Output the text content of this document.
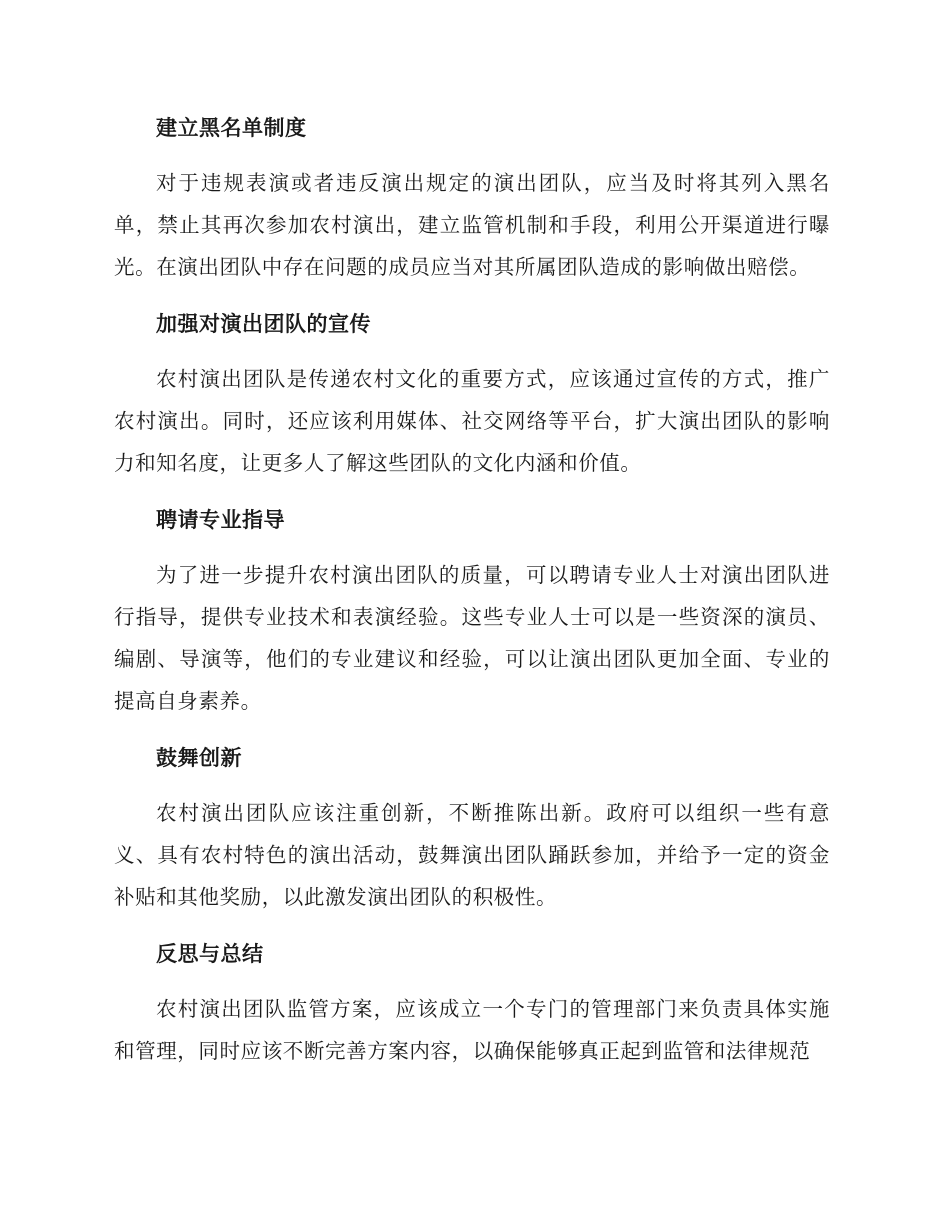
建立黑名单制度

对于违规表演或者违反演出规定的演出团队，应当及时将其列入黑名单，禁止其再次参加农村演出，建立监管机制和手段，利用公开渠道进行曝光。在演出团队中存在问题的成员应当对其所属团队造成的影响做出赔偿。

加强对演出团队的宣传

农村演出团队是传递农村文化的重要方式，应该通过宣传的方式，推广农村演出。同时，还应该利用媒体、社交网络等平台，扩大演出团队的影响力和知名度，让更多人了解这些团队的文化内涵和价值。

聘请专业指导

为了进一步提升农村演出团队的质量，可以聘请专业人士对演出团队进行指导，提供专业技术和表演经验。这些专业人士可以是一些资深的演员、编剧、导演等，他们的专业建议和经验，可以让演出团队更加全面、专业的提高自身素养。

鼓舞创新

农村演出团队应该注重创新，不断推陈出新。政府可以组织一些有意义、具有农村特色的演出活动，鼓舞演出团队踊跃参加，并给予一定的资金补贴和其他奖励，以此激发演出团队的积极性。

反思与总结

农村演出团队监管方案，应该成立一个专门的管理部门来负责具体实施和管理，同时应该不断完善方案内容，以确保能够真正起到监管和法律规范
